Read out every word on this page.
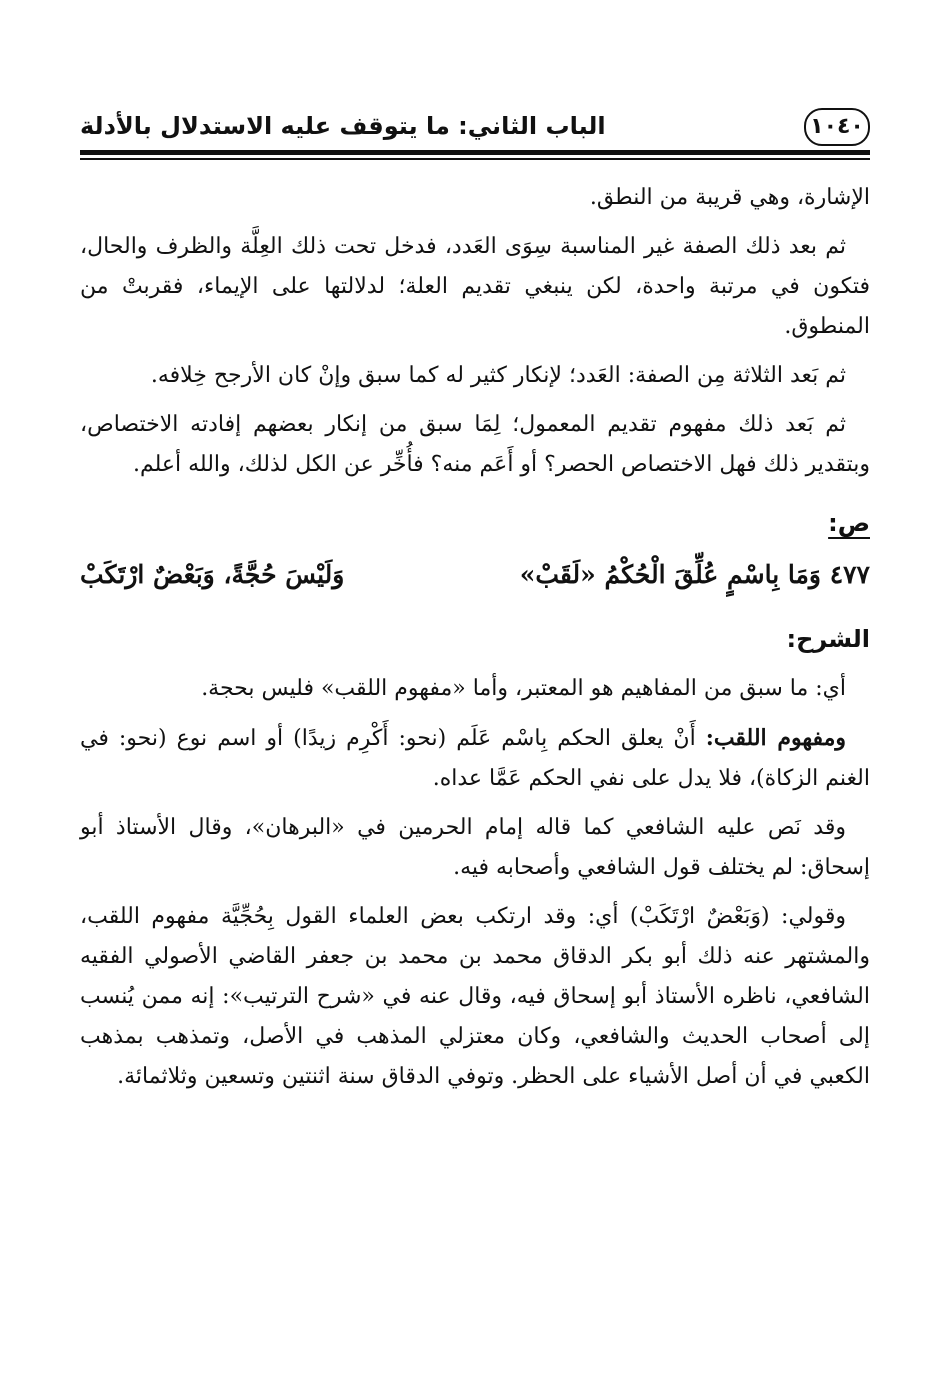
الباب الثاني: ما يتوقف عليه الاستدلال بالأدلة	١٠٤٠

الإشارة، وهي قريبة من النطق.

ثم بعد ذلك الصفة غير المناسبة سِوَى العَدد، فدخل تحت ذلك العِلَّة والظرف والحال، فتكون في مرتبة واحدة، لكن ينبغي تقديم العلة؛ لدلالتها على الإيماء، فقربتْ من المنطوق.

ثم بَعد الثلاثة مِن الصفة: العَدد؛ لإنكار كثير له كما سبق وإنْ كان الأرجح خِلافه.

ثم بَعد ذلك مفهوم تقديم المعمول؛ لِمَا سبق من إنكار بعضهم إفادته الاختصاص، وبتقدير ذلك فهل الاختصاص الحصر؟ أو أَعَم منه؟ فأُخِّر عن الكل لذلك، والله أعلم.

ص:
٤٧٧ وَمَا بِاسْمٍ عُلِّقَ الْحُكْمُ «لَقَبْ»
وَلَيْسَ حُجَّةً، وَبَعْضٌ ارْتَكَبْ
الشرح:

أي: ما سبق من المفاهيم هو المعتبر، وأما «مفهوم اللقب» فليس بحجة.

ومفهوم اللقب: أَنْ يعلق الحكم بِاسْم عَلَم (نحو: أَكْرِم زيدًا) أو اسم نوع (نحو: في الغنم الزكاة)، فلا يدل على نفي الحكم عَمَّا عداه.

وقد نَص عليه الشافعي كما قاله إمام الحرمين في «البرهان»، وقال الأستاذ أبو إسحاق: لم يختلف قول الشافعي وأصحابه فيه.

وقولي: (وَبَعْضٌ ارْتَكَبْ) أي: وقد ارتكب بعض العلماء القول بِحُجِّيَّة مفهوم اللقب، والمشتهر عنه ذلك أبو بكر الدقاق محمد بن محمد بن جعفر القاضي الأصولي الفقيه الشافعي، ناظره الأستاذ أبو إسحاق فيه، وقال عنه في «شرح الترتيب»: إنه ممن يُنسب إلى أصحاب الحديث والشافعي، وكان معتزلي المذهب في الأصل، وتمذهب بمذهب الكعبي في أن أصل الأشياء على الحظر. وتوفي الدقاق سنة اثنتين وتسعين وثلاثمائة.
